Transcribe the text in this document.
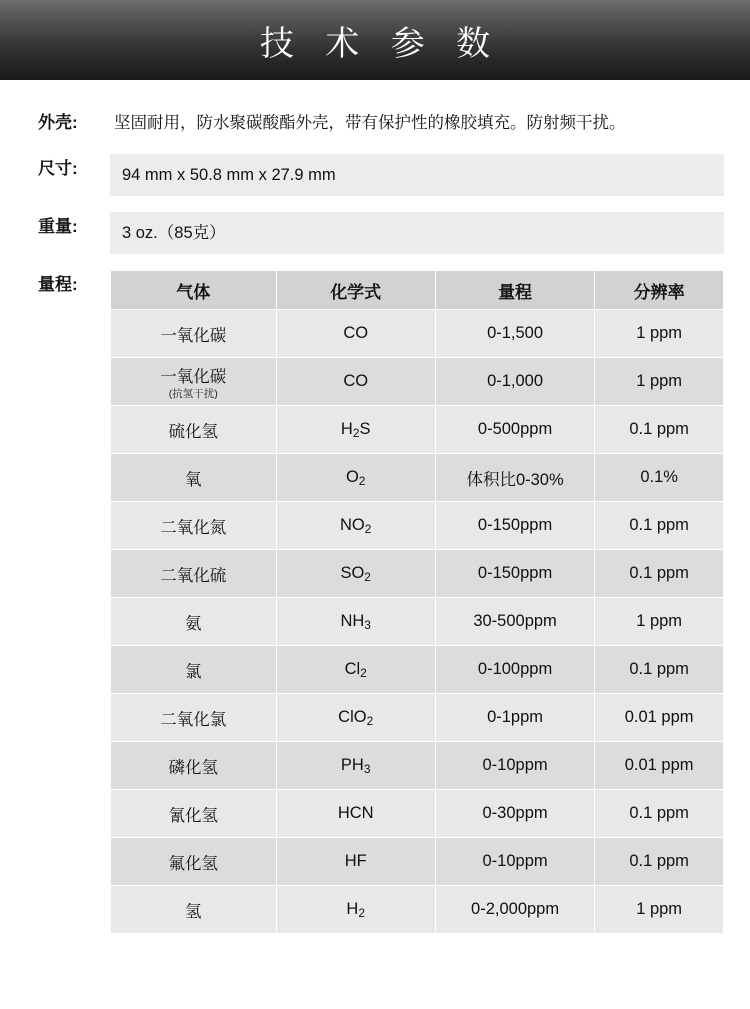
技 术 参 数
外壳:	坚固耐用，防水聚碳酸酯外壳，带有保护性的橡胶填充。防射频干扰。
尺寸:	94 mm x 50.8 mm x 27.9 mm
重量:	3 oz.（85克）
量程:	气体	化学式	量程	分辨率
一氧化碳	CO	0-1,500	1 ppm
一氧化碳
(抗氢干扰)	CO	0-1,000	1 ppm
硫化氢	$H_2S$	0-500ppm	0.1 ppm
氧	$O_2$	体积比0-30%	0.1%
二氧化氮	$NO_2$	0-150ppm	0.1 ppm
二氧化硫	$SO_2$	0-150ppm	0.1 ppm
氨	$NH_3$	30-500ppm	1 ppm
氯	$Cl_2$	0-100ppm	0.1 ppm
二氧化氯	ClO$_2$	0-1ppm	0.01 ppm
磷化氢	$PH_3$	0-10ppm	0.01 ppm
氰化氢	HCN	0-30ppm	0.1 ppm
氟化氢	HF	0-10ppm	0.1 ppm
氢	$H_2$	0-2,000ppm	1 ppm
